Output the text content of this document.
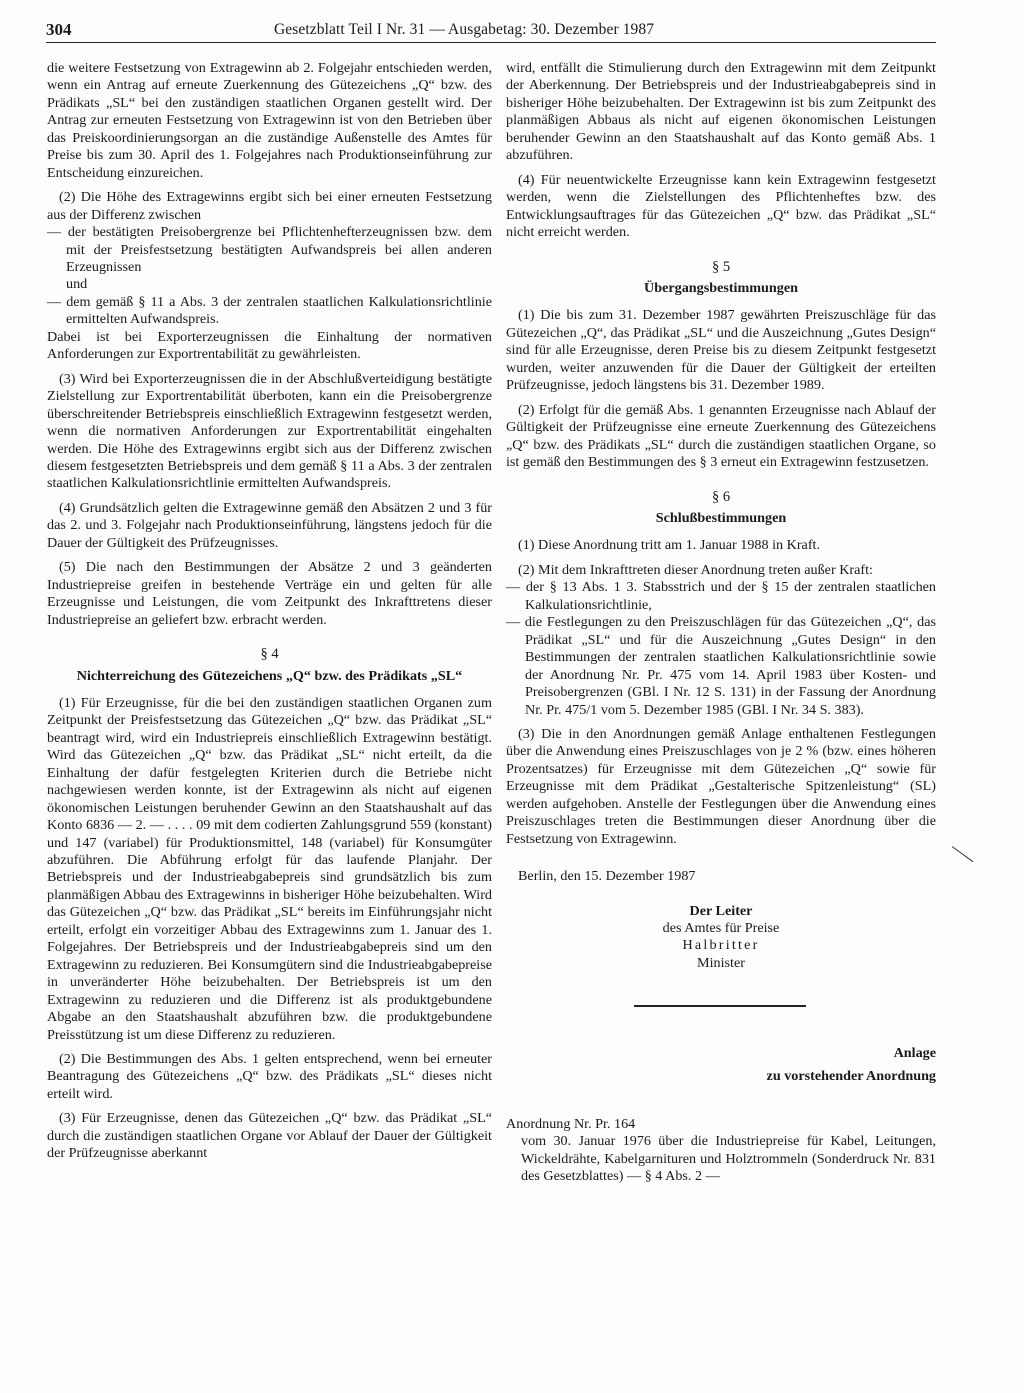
304	Gesetzblatt Teil I Nr. 31 — Ausgabetag: 30. Dezember 1987

die weitere Festsetzung von Extragewinn ab 2. Folgejahr entschieden werden, wenn ein Antrag auf erneute Zuerkennung des Gütezeichens „Q“ bzw. des Prädikats „SL“ bei den zuständigen staatlichen Organen gestellt wird. Der Antrag zur erneuten Festsetzung von Extragewinn ist von den Betrieben über das Preiskoordinierungsorgan an die zuständige Außenstelle des Amtes für Preise bis zum 30. April des 1. Folgejahres nach Produktionseinführung zur Entscheidung einzureichen.

(2) Die Höhe des Extragewinns ergibt sich bei einer erneuten Festsetzung aus der Differenz zwischen

— der bestätigten Preisobergrenze bei Pflichtenhefterzeugnissen bzw. dem mit der Preisfestsetzung bestätigten Aufwandspreis bei allen anderen Erzeugnissen

und

— dem gemäß § 11 a Abs. 3 der zentralen staatlichen Kalkulationsrichtlinie ermittelten Aufwandspreis.

Dabei ist bei Exporterzeugnissen die Einhaltung der normativen Anforderungen zur Exportrentabilität zu gewährleisten.

(3) Wird bei Exporterzeugnissen die in der Abschlußverteidigung bestätigte Zielstellung zur Exportrentabilität überboten, kann ein die Preisobergrenze überschreitender Betriebspreis einschließlich Extragewinn festgesetzt werden, wenn die normativen Anforderungen zur Exportrentabilität eingehalten werden. Die Höhe des Extragewinns ergibt sich aus der Differenz zwischen diesem festgesetzten Betriebspreis und dem gemäß § 11 a Abs. 3 der zentralen staatlichen Kalkulationsrichtlinie ermittelten Aufwandspreis.

(4) Grundsätzlich gelten die Extragewinne gemäß den Absätzen 2 und 3 für das 2. und 3. Folgejahr nach Produktionseinführung, längstens jedoch für die Dauer der Gültigkeit des Prüfzeugnisses.

(5) Die nach den Bestimmungen der Absätze 2 und 3 geänderten Industriepreise greifen in bestehende Verträge ein und gelten für alle Erzeugnisse und Leistungen, die vom Zeitpunkt des Inkrafttretens dieser Industriepreise an geliefert bzw. erbracht werden.

§ 4

Nichterreichung des Gütezeichens „Q“ bzw. des Prädikats „SL“

(1) Für Erzeugnisse, für die bei den zuständigen staatlichen Organen zum Zeitpunkt der Preisfestsetzung das Gütezeichen „Q“ bzw. das Prädikat „SL“ beantragt wird, wird ein Industriepreis einschließlich Extragewinn bestätigt. Wird das Gütezeichen „Q“ bzw. das Prädikat „SL“ nicht erteilt, da die Einhaltung der dafür festgelegten Kriterien durch die Betriebe nicht nachgewiesen werden konnte, ist der Extragewinn als nicht auf eigenen ökonomischen Leistungen beruhender Gewinn an den Staatshaushalt auf das Konto 6836 — 2. — . . . . 09 mit dem codierten Zahlungsgrund 559 (konstant) und 147 (variabel) für Produktionsmittel, 148 (variabel) für Konsumgüter abzuführen. Die Abführung erfolgt für das laufende Planjahr. Der Betriebspreis und der Industrieabgabepreis sind grundsätzlich bis zum planmäßigen Abbau des Extragewinns in bisheriger Höhe beizubehalten. Wird das Gütezeichen „Q“ bzw. das Prädikat „SL“ bereits im Einführungsjahr nicht erteilt, erfolgt ein vorzeitiger Abbau des Extragewinns zum 1. Januar des 1. Folgejahres. Der Betriebspreis und der Industrieabgabepreis sind um den Extragewinn zu reduzieren. Bei Konsumgütern sind die Industrieabgabepreise in unveränderter Höhe beizubehalten. Der Betriebspreis ist um den Extragewinn zu reduzieren und die Differenz ist als produktgebundene Abgabe an den Staatshaushalt abzuführen bzw. die produktgebundene Preisstützung ist um diese Differenz zu reduzieren.

(2) Die Bestimmungen des Abs. 1 gelten entsprechend, wenn bei erneuter Beantragung des Gütezeichens „Q“ bzw. des Prädikats „SL“ dieses nicht erteilt wird.

(3) Für Erzeugnisse, denen das Gütezeichen „Q“ bzw. das Prädikat „SL“ durch die zuständigen staatlichen Organe vor Ablauf der Dauer der Gültigkeit der Prüfzeugnisse aberkannt

wird, entfällt die Stimulierung durch den Extragewinn mit dem Zeitpunkt der Aberkennung. Der Betriebspreis und der Industrieabgabepreis sind in bisheriger Höhe beizubehalten. Der Extragewinn ist bis zum Zeitpunkt des planmäßigen Abbaus als nicht auf eigenen ökonomischen Leistungen beruhender Gewinn an den Staatshaushalt auf das Konto gemäß Abs. 1 abzuführen.

(4) Für neuentwickelte Erzeugnisse kann kein Extragewinn festgesetzt werden, wenn die Zielstellungen des Pflichtenheftes bzw. des Entwicklungsauftrages für das Gütezeichen „Q“ bzw. das Prädikat „SL“ nicht erreicht werden.

§ 5

Übergangsbestimmungen

(1) Die bis zum 31. Dezember 1987 gewährten Preiszuschläge für das Gütezeichen „Q“, das Prädikat „SL“ und die Auszeichnung „Gutes Design“ sind für alle Erzeugnisse, deren Preise bis zu diesem Zeitpunkt festgesetzt wurden, weiter anzuwenden für die Dauer der Gültigkeit der erteilten Prüfzeugnisse, jedoch längstens bis 31. Dezember 1989.

(2) Erfolgt für die gemäß Abs. 1 genannten Erzeugnisse nach Ablauf der Gültigkeit der Prüfzeugnisse eine erneute Zuerkennung des Gütezeichens „Q“ bzw. des Prädikats „SL“ durch die zuständigen staatlichen Organe, so ist gemäß den Bestimmungen des § 3 erneut ein Extragewinn festzusetzen.

§ 6

Schlußbestimmungen

(1) Diese Anordnung tritt am 1. Januar 1988 in Kraft.

(2) Mit dem Inkrafttreten dieser Anordnung treten außer Kraft:

— der § 13 Abs. 1 3. Stabsstrich und der § 15 der zentralen staatlichen Kalkulationsrichtlinie,

— die Festlegungen zu den Preiszuschlägen für das Gütezeichen „Q“, das Prädikat „SL“ und für die Auszeichnung „Gutes Design“ in den Bestimmungen der zentralen staatlichen Kalkulationsrichtlinie sowie der Anordnung Nr. Pr. 475 vom 14. April 1983 über Kosten- und Preisobergrenzen (GBl. I Nr. 12 S. 131) in der Fassung der Anordnung Nr. Pr. 475/1 vom 5. Dezember 1985 (GBl. I Nr. 34 S. 383).

(3) Die in den Anordnungen gemäß Anlage enthaltenen Festlegungen über die Anwendung eines Preiszuschlages von je 2 % (bzw. eines höheren Prozentsatzes) für Erzeugnisse mit dem Gütezeichen „Q“ sowie für Erzeugnisse mit dem Prädikat „Gestalterische Spitzenleistung“ (SL) werden aufgehoben. Anstelle der Festlegungen über die Anwendung eines Preiszuschlages treten die Bestimmungen dieser Anordnung über die Festsetzung von Extragewinn.

Berlin, den 15. Dezember 1987

Der Leiter

des Amtes für Preise

Halbritter

Minister

Anlage

zu vorstehender Anordnung

Anordnung Nr. Pr. 164

vom 30. Januar 1976 über die Industriepreise für Kabel, Leitungen, Wickeldrähte, Kabelgarnituren und Holztrommeln (Sonderdruck Nr. 831 des Gesetzblattes) — § 4 Abs. 2 —
